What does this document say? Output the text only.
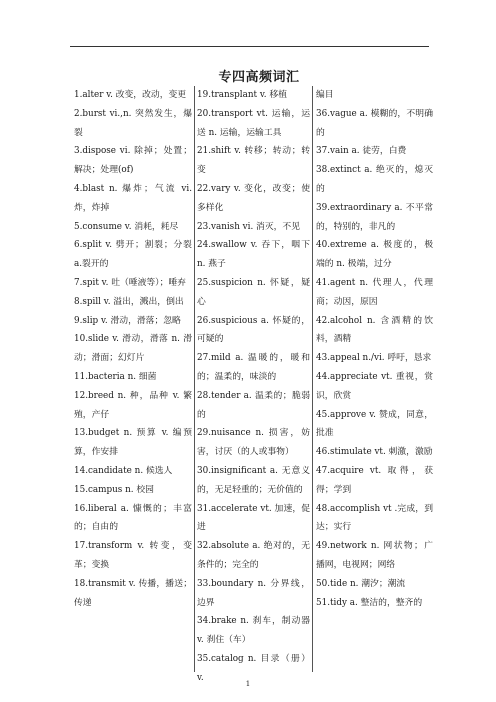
专四高频词汇

1.alter v. 改变，改动，变更

2.burst vi.,n. 突然发生，爆裂

3.dispose vi. 除掉；处置；解决；处理(of)

4.blast n. 爆炸；气流 vi. 炸，炸掉

5.consume v. 消耗，耗尽

6.split v. 劈开；割裂；分裂 a.裂开的

7.spit v. 吐（唾液等）；唾弃

8.spill v. 溢出，溅出，倒出

9.slip v. 滑动，滑落；忽略

10.slide v. 滑动，滑落 n. 滑动；滑面；幻灯片

11.bacteria n. 细菌

12.breed n. 种，品种 v. 繁殖，产仔

13.budget n. 预算 v. 编预算，作安排

14.candidate n. 候选人

15.campus n. 校园

16.liberal a. 慷慨的；丰富的；自由的

17.transform v. 转变，变革；变换

18.transmit v. 传播，播送；传递

19.transplant v. 移植

20.transport vt. 运输，运送 n. 运输，运输工具

21.shift v. 转移；转动；转变

22.vary v. 变化，改变；使多样化

23.vanish vi. 消灭，不见

24.swallow v. 吞下，咽下 n. 燕子

25.suspicion n. 怀疑，疑心

26.suspicious a. 怀疑的，可疑的

27.mild a. 温暖的，暖和的；温柔的，味淡的

28.tender a. 温柔的；脆弱的

29.nuisance n. 损害，妨害，讨厌（的人或事物）

30.insignificant a. 无意义的，无足轻重的；无价值的

31.accelerate vt. 加速，促进

32.absolute a. 绝对的，无条件的；完全的

33.boundary n. 分界线，边界

34.brake n. 刹车，制动器 v. 刹住（车）

35.catalog n. 目录（册） v.

编目

36.vague a. 模糊的，不明确的

37.vain a. 徒劳，白费

38.extinct a. 绝灭的，熄灭的

39.extraordinary a. 不平常的，特别的，非凡的

40.extreme a. 极度的，极端的 n. 极端，过分

41.agent n. 代理人，代理商；动因，原因

42.alcohol n. 含酒精的饮料，酒精

43.appeal n./vi. 呼吁，恳求

44.appreciate vt. 重视，赏识，欣赏

45.approve v. 赞成，同意，批准

46.stimulate vt. 刺激，激励

47.acquire vt. 取得，获得；学到

48.accomplish vt .完成，到达；实行

49.network n. 网状物；广播网，电视网；网络

50.tide n. 潮汐；潮流

51.tidy a. 整洁的，整齐的

1
